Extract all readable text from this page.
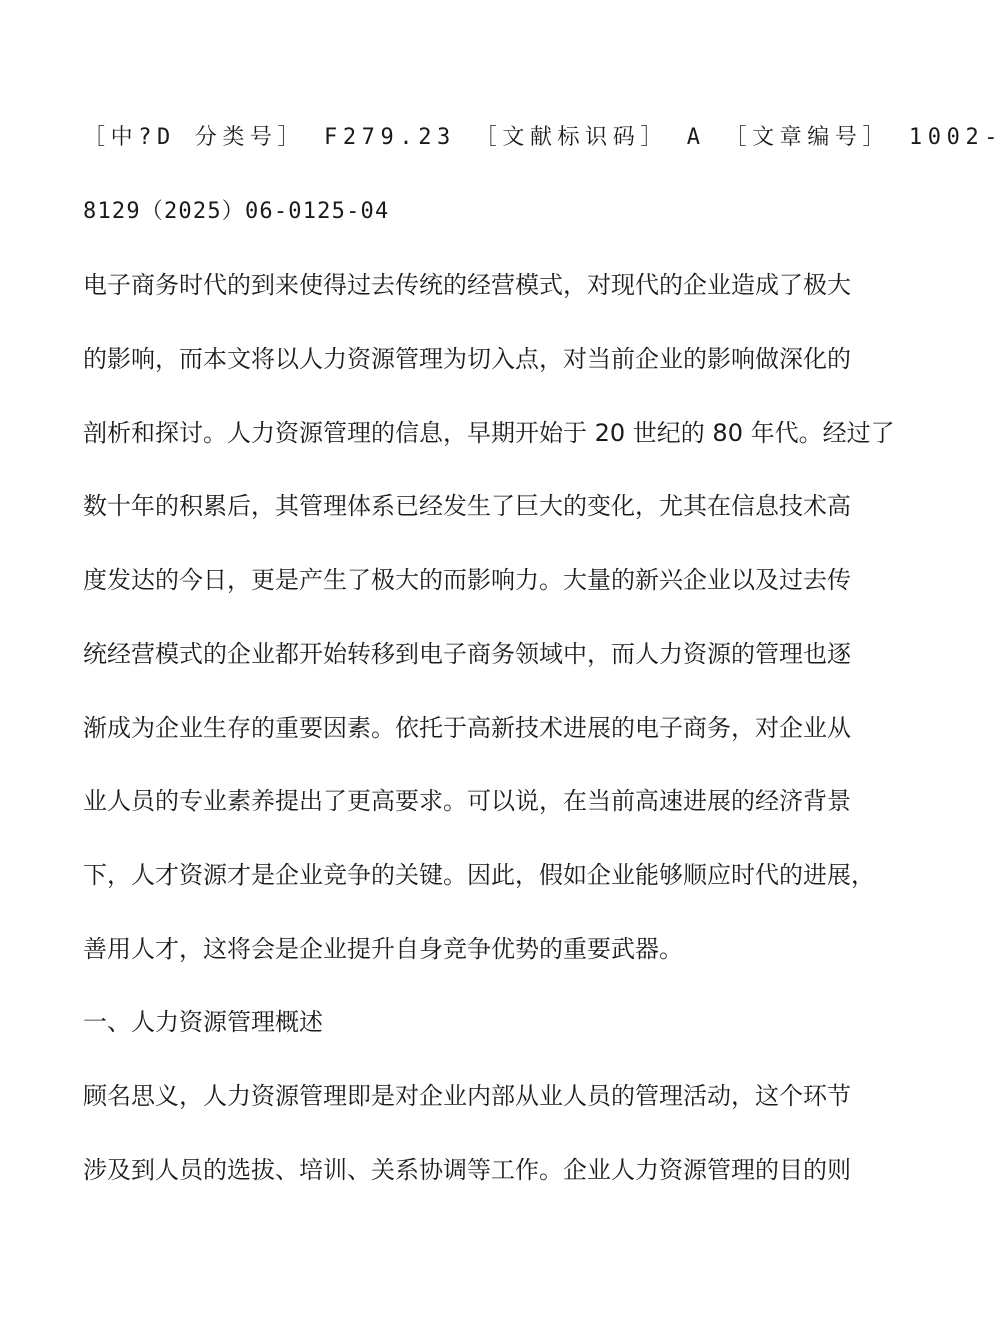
［中?D 分类号］ F279.23 ［文献标识码］ A ［文章编号］ 1002-
8129（2025）06-0125-04
电子商务时代的到来使得过去传统的经营模式，对现代的企业造成了极大
的影响，而本文将以人力资源管理为切入点，对当前企业的影响做深化的
剖析和探讨。人力资源管理的信息，早期开始于 20 世纪的 80 年代。经过了
数十年的积累后，其管理体系已经发生了巨大的变化，尤其在信息技术高
度发达的今日，更是产生了极大的而影响力。大量的新兴企业以及过去传
统经营模式的企业都开始转移到电子商务领域中，而人力资源的管理也逐
渐成为企业生存的重要因素。依托于高新技术进展的电子商务，对企业从
业人员的专业素养提出了更高要求。可以说，在当前高速进展的经济背景
下，人才资源才是企业竞争的关键。因此，假如企业能够顺应时代的进展，
善用人才，这将会是企业提升自身竞争优势的重要武器。
一、人力资源管理概述
顾名思义，人力资源管理即是对企业内部从业人员的管理活动，这个环节
涉及到人员的选拔、培训、关系协调等工作。企业人力资源管理的目的则
